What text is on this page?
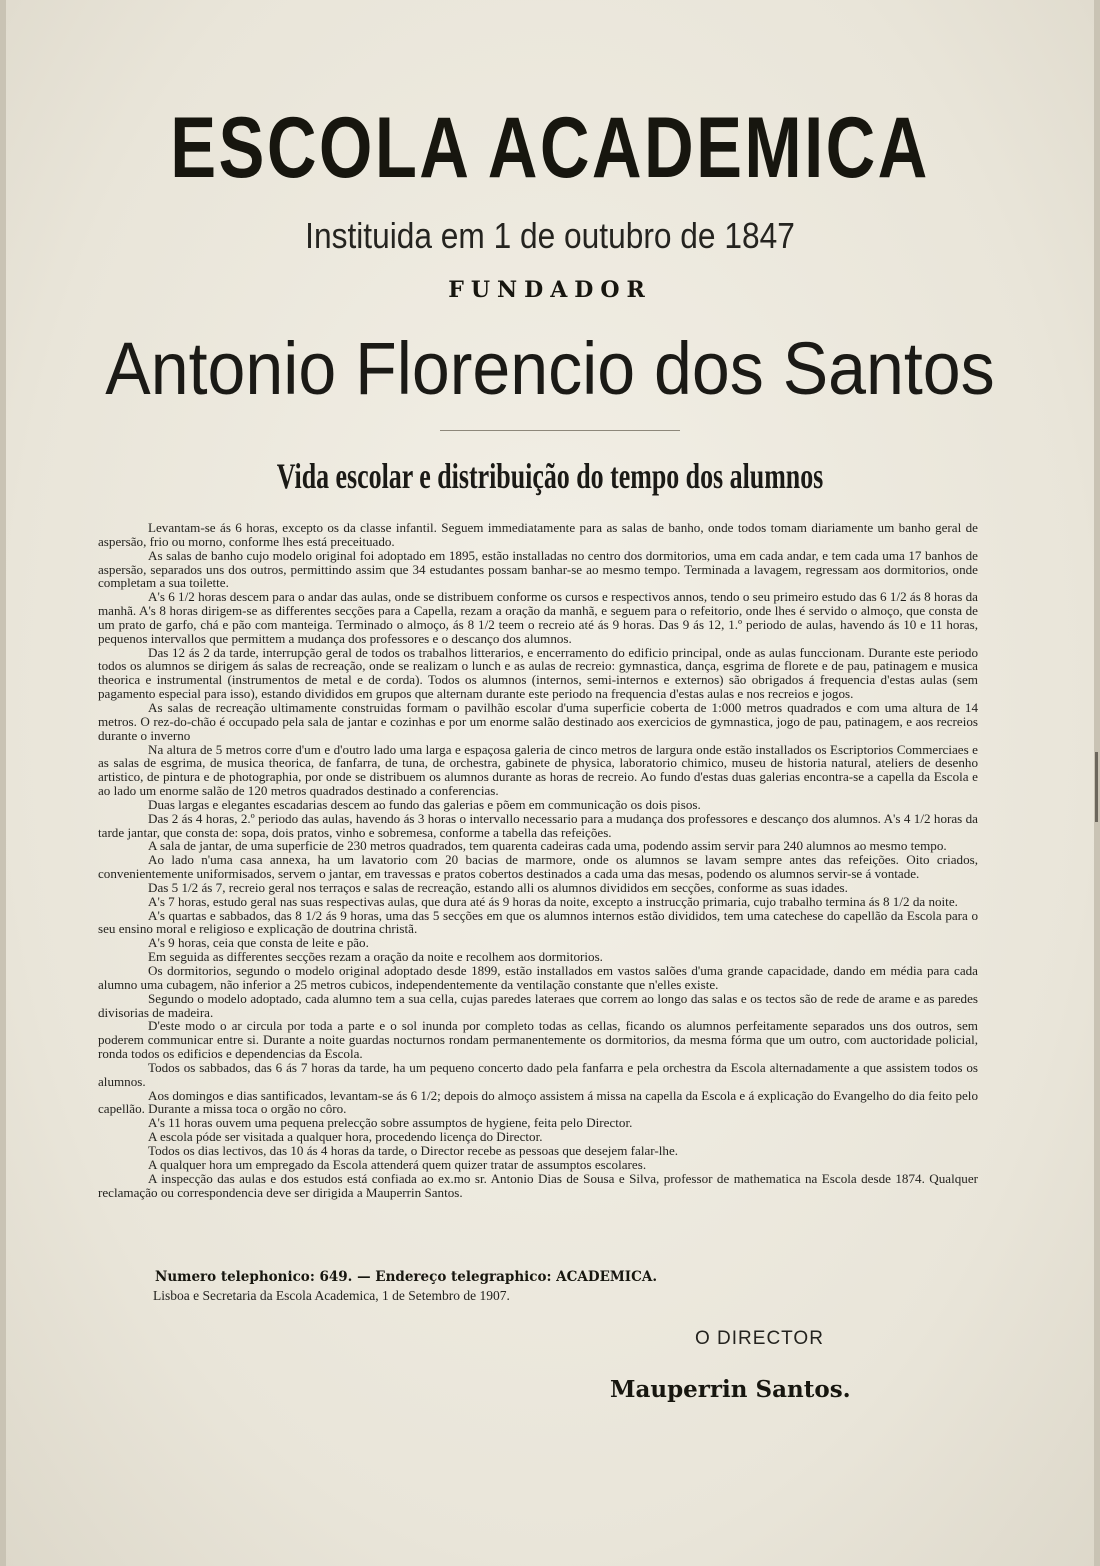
ESCOLA ACADEMICA
Instituida em 1 de outubro de 1847
FUNDADOR
Antonio Florencio dos Santos
Vida escolar e distribuição do tempo dos alumnos

Levantam-se ás 6 horas, excepto os da classe infantil. Seguem immediatamente para as salas de banho, onde todos tomam diariamente um banho geral de aspersão, frio ou morno, conforme lhes está preceituado.

As salas de banho cujo modelo original foi adoptado em 1895, estão installadas no centro dos dormitorios, uma em cada andar, e tem cada uma 17 banhos de aspersão, separados uns dos outros, permittindo assim que 34 estudantes possam banhar-se ao mesmo tempo. Terminada a lavagem, regressam aos dormitorios, onde completam a sua toilette.

A's 6 1/2 horas descem para o andar das aulas, onde se distribuem conforme os cursos e respectivos annos, tendo o seu primeiro estudo das 6 1/2 ás 8 horas da manhã. A's 8 horas dirigem-se as differentes secções para a Capella, rezam a oração da manhã, e seguem para o refeitorio, onde lhes é servido o almoço, que consta de um prato de garfo, chá e pão com manteiga. Terminado o almoço, ás 8 1/2 teem o recreio até ás 9 horas. Das 9 ás 12, 1.º periodo de aulas, havendo ás 10 e 11 horas, pequenos intervallos que permittem a mudança dos professores e o descanço dos alumnos.

Das 12 ás 2 da tarde, interrupção geral de todos os trabalhos litterarios, e encerramento do edificio principal, onde as aulas funccionam. Durante este periodo todos os alumnos se dirigem ás salas de recreação, onde se realizam o lunch e as aulas de recreio: gymnastica, dança, esgrima de florete e de pau, patinagem e musica theorica e instrumental (instrumentos de metal e de corda). Todos os alumnos (internos, semi-internos e externos) são obrigados á frequencia d'estas aulas (sem pagamento especial para isso), estando divididos em grupos que alternam durante este periodo na frequencia d'estas aulas e nos recreios e jogos.

As salas de recreação ultimamente construidas formam o pavilhão escolar d'uma superficie coberta de 1:000 metros quadrados e com uma altura de 14 metros. O rez-do-chão é occupado pela sala de jantar e cozinhas e por um enorme salão destinado aos exercicios de gymnastica, jogo de pau, patinagem, e aos recreios durante o inverno

Na altura de 5 metros corre d'um e d'outro lado uma larga e espaçosa galeria de cinco metros de largura onde estão installados os Escriptorios Commerciaes e as salas de esgrima, de musica theorica, de fanfarra, de tuna, de orchestra, gabinete de physica, laboratorio chimico, museu de historia natural, ateliers de desenho artistico, de pintura e de photographia, por onde se distribuem os alumnos durante as horas de recreio. Ao fundo d'estas duas galerias encontra-se a capella da Escola e ao lado um enorme salão de 120 metros quadrados destinado a conferencias.

Duas largas e elegantes escadarias descem ao fundo das galerias e põem em communicação os dois pisos.

Das 2 ás 4 horas, 2.º periodo das aulas, havendo ás 3 horas o intervallo necessario para a mudança dos professores e descanço dos alumnos. A's 4 1/2 horas da tarde jantar, que consta de: sopa, dois pratos, vinho e sobremesa, conforme a tabella das refeições.

A sala de jantar, de uma superficie de 230 metros quadrados, tem quarenta cadeiras cada uma, podendo assim servir para 240 alumnos ao mesmo tempo.

Ao lado n'uma casa annexa, ha um lavatorio com 20 bacias de marmore, onde os alumnos se lavam sempre antes das refeições. Oito criados, convenientemente uniformisados, servem o jantar, em travessas e pratos cobertos destinados a cada uma das mesas, podendo os alumnos servir-se á vontade.

Das 5 1/2 ás 7, recreio geral nos terraços e salas de recreação, estando alli os alumnos divididos em secções, conforme as suas idades.

A's 7 horas, estudo geral nas suas respectivas aulas, que dura até ás 9 horas da noite, excepto a instrucção primaria, cujo trabalho termina ás 8 1/2 da noite.

A's quartas e sabbados, das 8 1/2 ás 9 horas, uma das 5 secções em que os alumnos internos estão divididos, tem uma catechese do capellão da Escola para o seu ensino moral e religioso e explicação de doutrina christã.

A's 9 horas, ceia que consta de leite e pão.

Em seguida as differentes secções rezam a oração da noite e recolhem aos dormitorios.

Os dormitorios, segundo o modelo original adoptado desde 1899, estão installados em vastos salões d'uma grande capacidade, dando em média para cada alumno uma cubagem, não inferior a 25 metros cubicos, independentemente da ventilação constante que n'elles existe.

Segundo o modelo adoptado, cada alumno tem a sua cella, cujas paredes lateraes que correm ao longo das salas e os tectos são de rede de arame e as paredes divisorias de madeira.

D'este modo o ar circula por toda a parte e o sol inunda por completo todas as cellas, ficando os alumnos perfeitamente separados uns dos outros, sem poderem communicar entre si. Durante a noite guardas nocturnos rondam permanentemente os dormitorios, da mesma fórma que um outro, com auctoridade policial, ronda todos os edificios e dependencias da Escola.

Todos os sabbados, das 6 ás 7 horas da tarde, ha um pequeno concerto dado pela fanfarra e pela orchestra da Escola alternadamente a que assistem todos os alumnos.

Aos domingos e dias santificados, levantam-se ás 6 1/2; depois do almoço assistem á missa na capella da Escola e á explicação do Evangelho do dia feito pelo capellão. Durante a missa toca o orgão no côro.

A's 11 horas ouvem uma pequena prelecção sobre assumptos de hygiene, feita pelo Director.

A escola póde ser visitada a qualquer hora, procedendo licença do Director.

Todos os dias lectivos, das 10 ás 4 horas da tarde, o Director recebe as pessoas que desejem falar-lhe.

A qualquer hora um empregado da Escola attenderá quem quizer tratar de assumptos escolares.

A inspecção das aulas e dos estudos está confiada ao ex.mo sr. Antonio Dias de Sousa e Silva, professor de mathematica na Escola desde 1874. Qualquer reclamação ou correspondencia deve ser dirigida a Mauperrin Santos.

Numero telephonico: 649. — Endereço telegraphico: ACADEMICA.
Lisboa e Secretaria da Escola Academica, 1 de Setembro de 1907.
O DIRECTOR
Mauperrin Santos.
